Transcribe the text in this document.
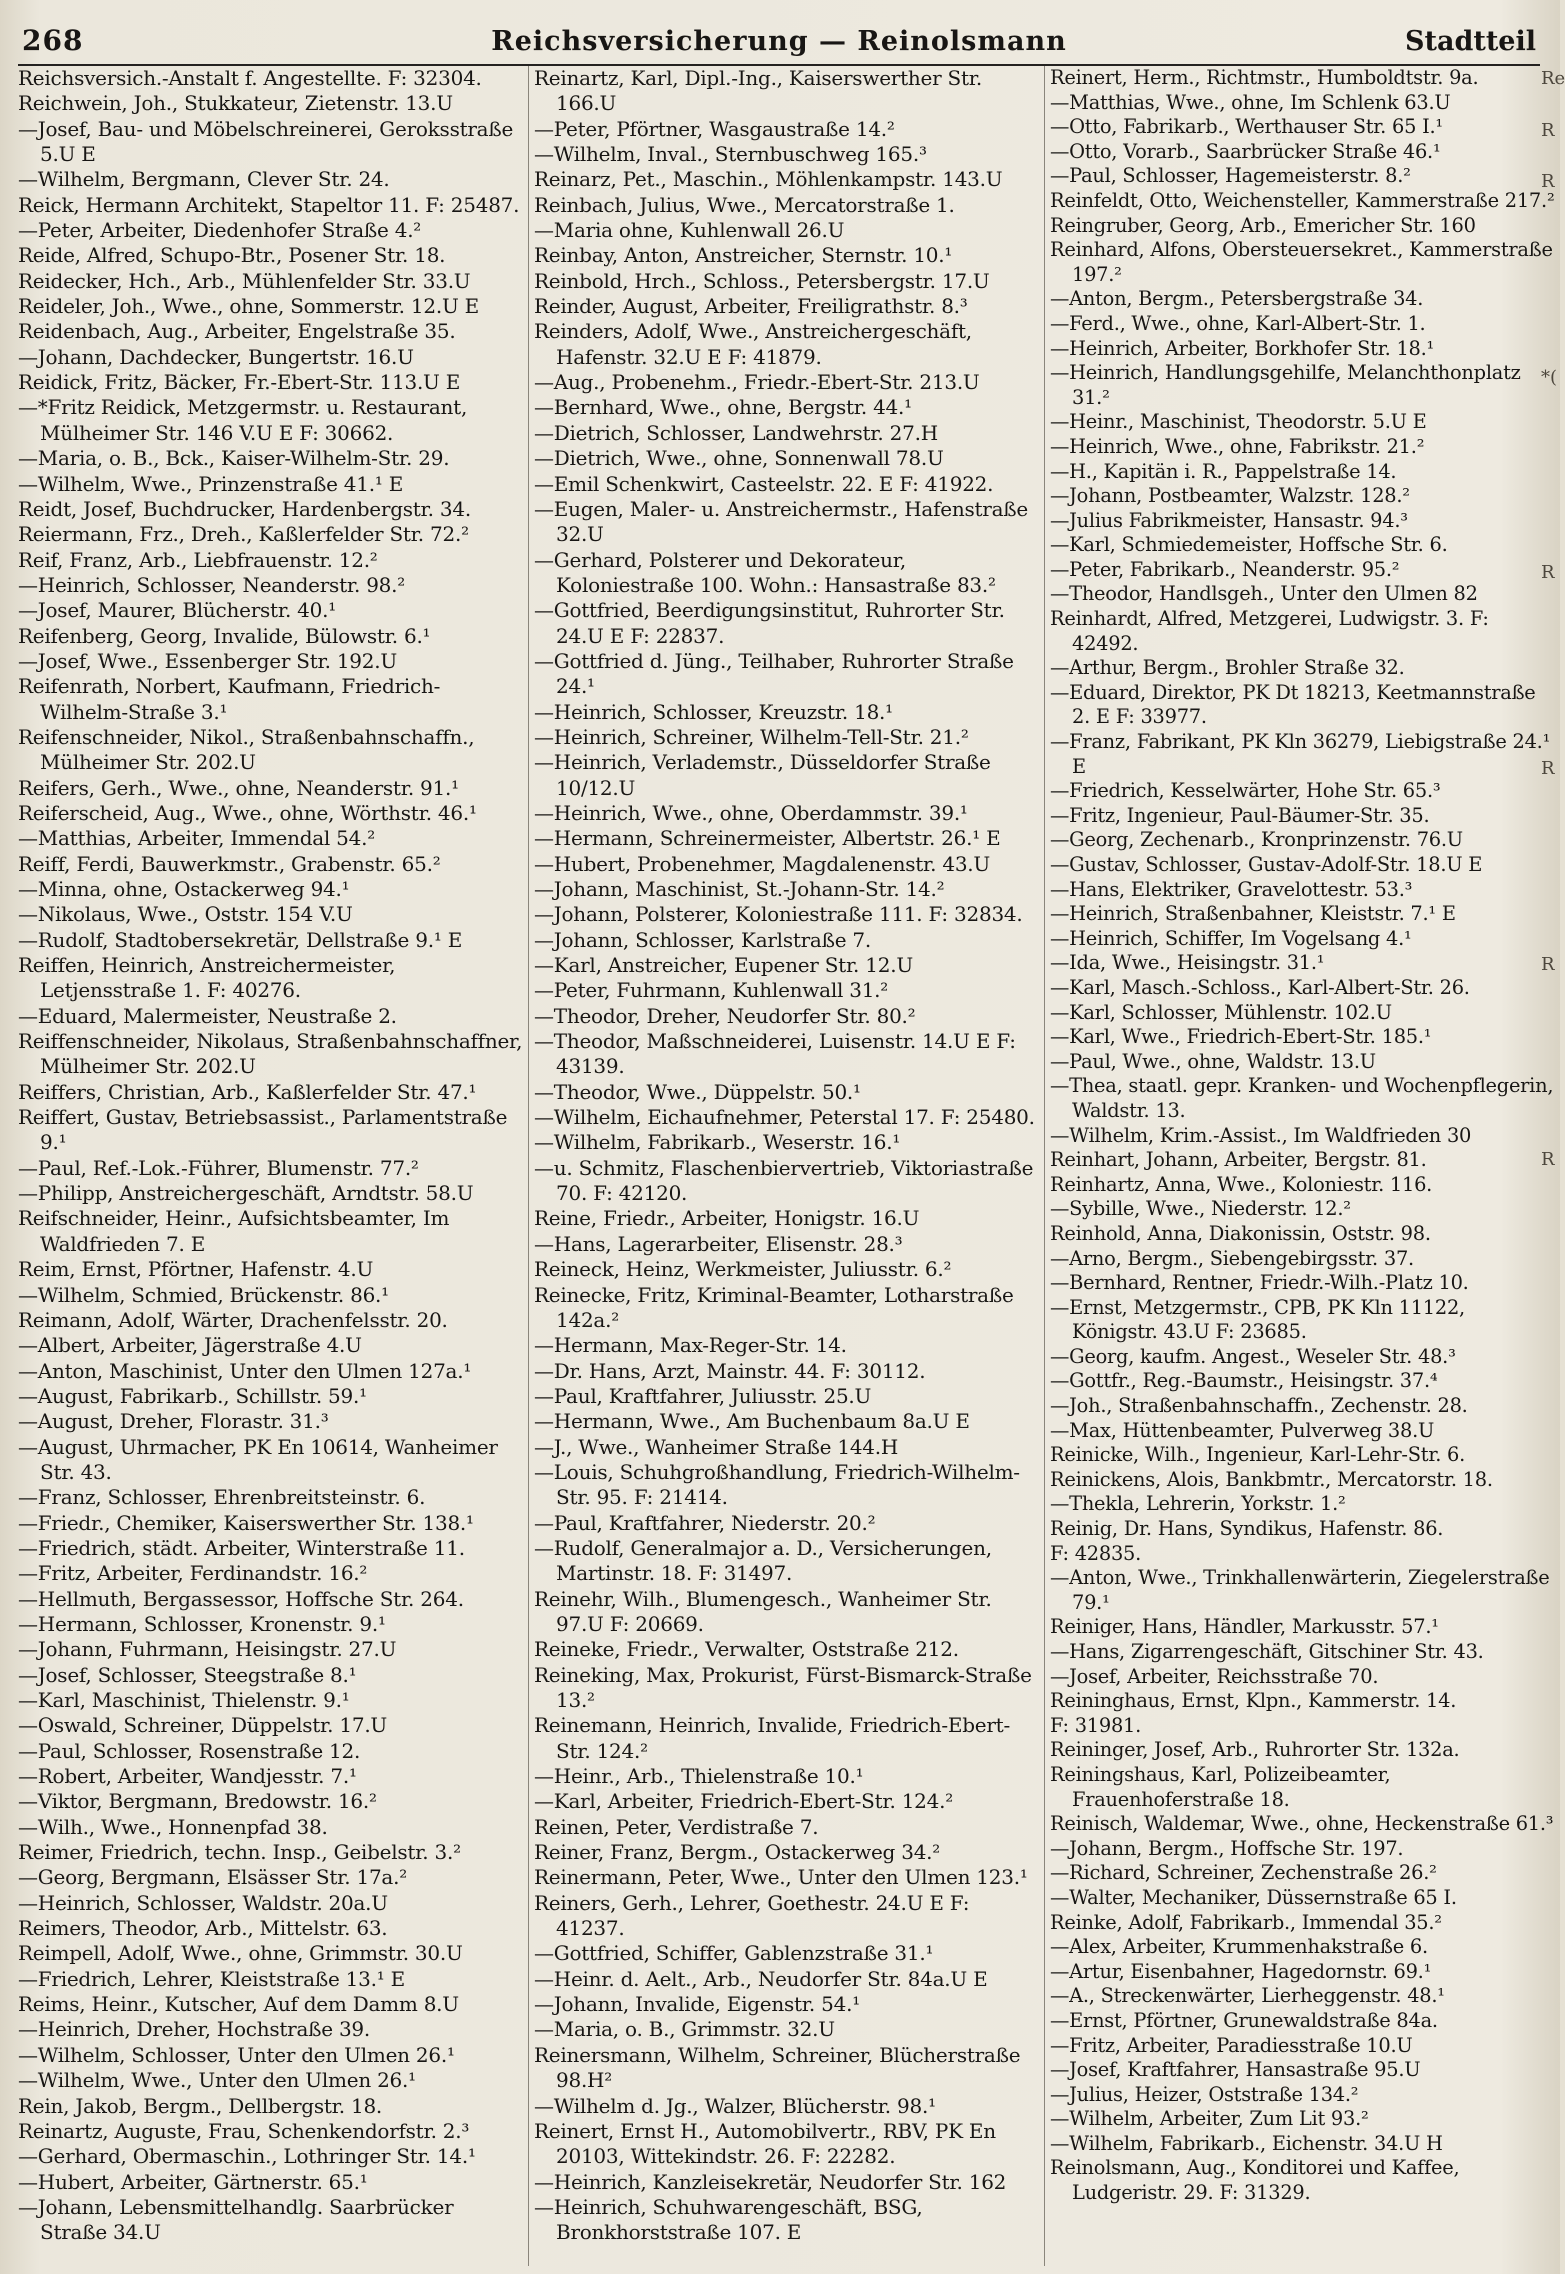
268	Reichsversicherung — Reinolsmann	Stadtteil

Reichsversich.-Anstalt f. Angestellte. F: 32304.

Reichwein, Joh., Stukkateur, Zietenstr. 13.U

—Josef, Bau- und Möbelschreinerei, Geroksstraße 5.U E

—Wilhelm, Bergmann, Clever Str. 24.

Reick, Hermann Architekt, Stapeltor 11. F: 25487.

—Peter, Arbeiter, Diedenhofer Straße 4.²

Reide, Alfred, Schupo-Btr., Posener Str. 18.

Reidecker, Hch., Arb., Mühlenfelder Str. 33.U

Reideler, Joh., Wwe., ohne, Sommerstr. 12.U E

Reidenbach, Aug., Arbeiter, Engelstraße 35.

—Johann, Dachdecker, Bungertstr. 16.U

Reidick, Fritz, Bäcker, Fr.-Ebert-Str. 113.U E

—*Fritz Reidick, Metzgermstr. u. Restaurant, Mülheimer Str. 146 V.U E F: 30662.

—Maria, o. B., Bck., Kaiser-Wilhelm-Str. 29.

—Wilhelm, Wwe., Prinzenstraße 41.¹ E

Reidt, Josef, Buchdrucker, Hardenbergstr. 34.

Reiermann, Frz., Dreh., Kaßlerfelder Str. 72.²

Reif, Franz, Arb., Liebfrauenstr. 12.²

—Heinrich, Schlosser, Neanderstr. 98.²

—Josef, Maurer, Blücherstr. 40.¹

Reifenberg, Georg, Invalide, Bülowstr. 6.¹

—Josef, Wwe., Essenberger Str. 192.U

Reifenrath, Norbert, Kaufmann, Friedrich-Wilhelm-Straße 3.¹

Reifenschneider, Nikol., Straßenbahnschaffn., Mülheimer Str. 202.U

Reifers, Gerh., Wwe., ohne, Neanderstr. 91.¹

Reiferscheid, Aug., Wwe., ohne, Wörthstr. 46.¹

—Matthias, Arbeiter, Immendal 54.²

Reiff, Ferdi, Bauwerkmstr., Grabenstr. 65.²

—Minna, ohne, Ostackerweg 94.¹

—Nikolaus, Wwe., Oststr. 154 V.U

—Rudolf, Stadtobersekretär, Dellstraße 9.¹ E

Reiffen, Heinrich, Anstreichermeister, Letjensstraße 1. F: 40276.

—Eduard, Malermeister, Neustraße 2.

Reiffenschneider, Nikolaus, Straßenbahnschaffner, Mülheimer Str. 202.U

Reiffers, Christian, Arb., Kaßlerfelder Str. 47.¹

Reiffert, Gustav, Betriebsassist., Parlamentstraße 9.¹

—Paul, Ref.-Lok.-Führer, Blumenstr. 77.²

—Philipp, Anstreichergeschäft, Arndtstr. 58.U

Reifschneider, Heinr., Aufsichtsbeamter, Im Waldfrieden 7. E

Reim, Ernst, Pförtner, Hafenstr. 4.U

—Wilhelm, Schmied, Brückenstr. 86.¹

Reimann, Adolf, Wärter, Drachenfelsstr. 20.

—Albert, Arbeiter, Jägerstraße 4.U

—Anton, Maschinist, Unter den Ulmen 127a.¹

—August, Fabrikarb., Schillstr. 59.¹

—August, Dreher, Florastr. 31.³

—August, Uhrmacher, PK En 10614, Wanheimer Str. 43.

—Franz, Schlosser, Ehrenbreitsteinstr. 6.

—Friedr., Chemiker, Kaiserswerther Str. 138.¹

—Friedrich, städt. Arbeiter, Winterstraße 11.

—Fritz, Arbeiter, Ferdinandstr. 16.²

—Hellmuth, Bergassessor, Hoffsche Str. 264.

—Hermann, Schlosser, Kronenstr. 9.¹

—Johann, Fuhrmann, Heisingstr. 27.U

—Josef, Schlosser, Steegstraße 8.¹

—Karl, Maschinist, Thielenstr. 9.¹

—Oswald, Schreiner, Düppelstr. 17.U

—Paul, Schlosser, Rosenstraße 12.

—Robert, Arbeiter, Wandjesstr. 7.¹

—Viktor, Bergmann, Bredowstr. 16.²

—Wilh., Wwe., Honnenpfad 38.

Reimer, Friedrich, techn. Insp., Geibelstr. 3.²

—Georg, Bergmann, Elsässer Str. 17a.²

—Heinrich, Schlosser, Waldstr. 20a.U

Reimers, Theodor, Arb., Mittelstr. 63.

Reimpell, Adolf, Wwe., ohne, Grimmstr. 30.U

—Friedrich, Lehrer, Kleiststraße 13.¹ E

Reims, Heinr., Kutscher, Auf dem Damm 8.U

—Heinrich, Dreher, Hochstraße 39.

—Wilhelm, Schlosser, Unter den Ulmen 26.¹

—Wilhelm, Wwe., Unter den Ulmen 26.¹

Rein, Jakob, Bergm., Dellbergstr. 18.

Reinartz, Auguste, Frau, Schenkendorfstr. 2.³

—Gerhard, Obermaschin., Lothringer Str. 14.¹

—Hubert, Arbeiter, Gärtnerstr. 65.¹

—Johann, Lebensmittelhandlg. Saarbrücker Straße 34.U

Reinartz, Karl, Dipl.-Ing., Kaiserswerther Str. 166.U

—Peter, Pförtner, Wasgaustraße 14.²

—Wilhelm, Inval., Sternbuschweg 165.³

Reinarz, Pet., Maschin., Möhlenkampstr. 143.U

Reinbach, Julius, Wwe., Mercatorstraße 1.

—Maria ohne, Kuhlenwall 26.U

Reinbay, Anton, Anstreicher, Sternstr. 10.¹

Reinbold, Hrch., Schloss., Petersbergstr. 17.U

Reinder, August, Arbeiter, Freiligrathstr. 8.³

Reinders, Adolf, Wwe., Anstreichergeschäft, Hafenstr. 32.U E F: 41879.

—Aug., Probenehm., Friedr.-Ebert-Str. 213.U

—Bernhard, Wwe., ohne, Bergstr. 44.¹

—Dietrich, Schlosser, Landwehrstr. 27.H

—Dietrich, Wwe., ohne, Sonnenwall 78.U

—Emil Schenkwirt, Casteelstr. 22. E F: 41922.

—Eugen, Maler- u. Anstreichermstr., Hafenstraße 32.U

—Gerhard, Polsterer und Dekorateur, Koloniestraße 100. Wohn.: Hansastraße 83.²

—Gottfried, Beerdigungsinstitut, Ruhrorter Str. 24.U E F: 22837.

—Gottfried d. Jüng., Teilhaber, Ruhrorter Straße 24.¹

—Heinrich, Schlosser, Kreuzstr. 18.¹

—Heinrich, Schreiner, Wilhelm-Tell-Str. 21.²

—Heinrich, Verlademstr., Düsseldorfer Straße 10/12.U

—Heinrich, Wwe., ohne, Oberdammstr. 39.¹

—Hermann, Schreinermeister, Albertstr. 26.¹ E

—Hubert, Probenehmer, Magdalenenstr. 43.U

—Johann, Maschinist, St.-Johann-Str. 14.²

—Johann, Polsterer, Koloniestraße 111. F: 32834.

—Johann, Schlosser, Karlstraße 7.

—Karl, Anstreicher, Eupener Str. 12.U

—Peter, Fuhrmann, Kuhlenwall 31.²

—Theodor, Dreher, Neudorfer Str. 80.²

—Theodor, Maßschneiderei, Luisenstr. 14.U E F: 43139.

—Theodor, Wwe., Düppelstr. 50.¹

—Wilhelm, Eichaufnehmer, Peterstal 17. F: 25480.

—Wilhelm, Fabrikarb., Weserstr. 16.¹

—u. Schmitz, Flaschenbiervertrieb, Viktoriastraße 70. F: 42120.

Reine, Friedr., Arbeiter, Honigstr. 16.U

—Hans, Lagerarbeiter, Elisenstr. 28.³

Reineck, Heinz, Werkmeister, Juliusstr. 6.²

Reinecke, Fritz, Kriminal-Beamter, Lotharstraße 142a.²

—Hermann, Max-Reger-Str. 14.

—Dr. Hans, Arzt, Mainstr. 44. F: 30112.

—Paul, Kraftfahrer, Juliusstr. 25.U

—Hermann, Wwe., Am Buchenbaum 8a.U E

—J., Wwe., Wanheimer Straße 144.H

—Louis, Schuhgroßhandlung, Friedrich-Wilhelm-Str. 95. F: 21414.

—Paul, Kraftfahrer, Niederstr. 20.²

—Rudolf, Generalmajor a. D., Versicherungen, Martinstr. 18. F: 31497.

Reinehr, Wilh., Blumengesch., Wanheimer Str. 97.U F: 20669.

Reineke, Friedr., Verwalter, Oststraße 212.

Reineking, Max, Prokurist, Fürst-Bismarck-Straße 13.²

Reinemann, Heinrich, Invalide, Friedrich-Ebert-Str. 124.²

—Heinr., Arb., Thielenstraße 10.¹

—Karl, Arbeiter, Friedrich-Ebert-Str. 124.²

Reinen, Peter, Verdistraße 7.

Reiner, Franz, Bergm., Ostackerweg 34.²

Reinermann, Peter, Wwe., Unter den Ulmen 123.¹

Reiners, Gerh., Lehrer, Goethestr. 24.U E F: 41237.

—Gottfried, Schiffer, Gablenzstraße 31.¹

—Heinr. d. Aelt., Arb., Neudorfer Str. 84a.U E

—Johann, Invalide, Eigenstr. 54.¹

—Maria, o. B., Grimmstr. 32.U

Reinersmann, Wilhelm, Schreiner, Blücherstraße 98.H²

—Wilhelm d. Jg., Walzer, Blücherstr. 98.¹

Reinert, Ernst H., Automobilvertr., RBV, PK En 20103, Wittekindstr. 26. F: 22282.

—Heinrich, Kanzleisekretär, Neudorfer Str. 162

—Heinrich, Schuhwarengeschäft, BSG, Bronkhorststraße 107. E

Reinert, Herm., Richtmstr., Humboldtstr. 9a.

—Matthias, Wwe., ohne, Im Schlenk 63.U

—Otto, Fabrikarb., Werthauser Str. 65 I.¹

—Otto, Vorarb., Saarbrücker Straße 46.¹

—Paul, Schlosser, Hagemeisterstr. 8.²

Reinfeldt, Otto, Weichensteller, Kammerstraße 217.²

Reingruber, Georg, Arb., Emericher Str. 160

Reinhard, Alfons, Obersteuersekret., Kammerstraße 197.²

—Anton, Bergm., Petersbergstraße 34.

—Ferd., Wwe., ohne, Karl-Albert-Str. 1.

—Heinrich, Arbeiter, Borkhofer Str. 18.¹

—Heinrich, Handlungsgehilfe, Melanchthonplatz 31.²

—Heinr., Maschinist, Theodorstr. 5.U E

—Heinrich, Wwe., ohne, Fabrikstr. 21.²

—H., Kapitän i. R., Pappelstraße 14.

—Johann, Postbeamter, Walzstr. 128.²

—Julius Fabrikmeister, Hansastr. 94.³

—Karl, Schmiedemeister, Hoffsche Str. 6.

—Peter, Fabrikarb., Neanderstr. 95.²

—Theodor, Handlsgeh., Unter den Ulmen 82

Reinhardt, Alfred, Metzgerei, Ludwigstr. 3. F: 42492.

—Arthur, Bergm., Brohler Straße 32.

—Eduard, Direktor, PK Dt 18213, Keetmannstraße 2. E F: 33977.

—Franz, Fabrikant, PK Kln 36279, Liebigstraße 24.¹ E

—Friedrich, Kesselwärter, Hohe Str. 65.³

—Fritz, Ingenieur, Paul-Bäumer-Str. 35.

—Georg, Zechenarb., Kronprinzenstr. 76.U

—Gustav, Schlosser, Gustav-Adolf-Str. 18.U E

—Hans, Elektriker, Gravelottestr. 53.³

—Heinrich, Straßenbahner, Kleiststr. 7.¹ E

—Heinrich, Schiffer, Im Vogelsang 4.¹

—Ida, Wwe., Heisingstr. 31.¹

—Karl, Masch.-Schloss., Karl-Albert-Str. 26.

—Karl, Schlosser, Mühlenstr. 102.U

—Karl, Wwe., Friedrich-Ebert-Str. 185.¹

—Paul, Wwe., ohne, Waldstr. 13.U

—Thea, staatl. gepr. Kranken- und Wochenpflegerin, Waldstr. 13.

—Wilhelm, Krim.-Assist., Im Waldfrieden 30

Reinhart, Johann, Arbeiter, Bergstr. 81.

Reinhartz, Anna, Wwe., Koloniestr. 116.

—Sybille, Wwe., Niederstr. 12.²

Reinhold, Anna, Diakonissin, Oststr. 98.

—Arno, Bergm., Siebengebirgsstr. 37.

—Bernhard, Rentner, Friedr.-Wilh.-Platz 10.

—Ernst, Metzgermstr., CPB, PK Kln 11122, Königstr. 43.U F: 23685.

—Georg, kaufm. Angest., Weseler Str. 48.³

—Gottfr., Reg.-Baumstr., Heisingstr. 37.⁴

—Joh., Straßenbahnschaffn., Zechenstr. 28.

—Max, Hüttenbeamter, Pulverweg 38.U

Reinicke, Wilh., Ingenieur, Karl-Lehr-Str. 6.

Reinickens, Alois, Bankbmtr., Mercatorstr. 18.

—Thekla, Lehrerin, Yorkstr. 1.²

Reinig, Dr. Hans, Syndikus, Hafenstr. 86.

F: 42835.

—Anton, Wwe., Trinkhallenwärterin, Ziegelerstraße 79.¹

Reiniger, Hans, Händler, Markusstr. 57.¹

—Hans, Zigarrengeschäft, Gitschiner Str. 43.

—Josef, Arbeiter, Reichsstraße 70.

Reininghaus, Ernst, Klpn., Kammerstr. 14.

F: 31981.

Reininger, Josef, Arb., Ruhrorter Str. 132a.

Reiningshaus, Karl, Polizeibeamter, Frauenhoferstraße 18.

Reinisch, Waldemar, Wwe., ohne, Heckenstraße 61.³

—Johann, Bergm., Hoffsche Str. 197.

—Richard, Schreiner, Zechenstraße 26.²

—Walter, Mechaniker, Düssernstraße 65 I.

Reinke, Adolf, Fabrikarb., Immendal 35.²

—Alex, Arbeiter, Krummenhakstraße 6.

—Artur, Eisenbahner, Hagedornstr. 69.¹

—A., Streckenwärter, Lierheggenstr. 48.¹

—Ernst, Pförtner, Grunewaldstraße 84a.

—Fritz, Arbeiter, Paradiesstraße 10.U

—Josef, Kraftfahrer, Hansastraße 95.U

—Julius, Heizer, Oststraße 134.²

—Wilhelm, Arbeiter, Zum Lit 93.²

—Wilhelm, Fabrikarb., Eichenstr. 34.U H

Reinolsmann, Aug., Konditorei und Kaffee, Ludgeristr. 29. F: 31329.

Re
R
R
*(
R
R
R
R
